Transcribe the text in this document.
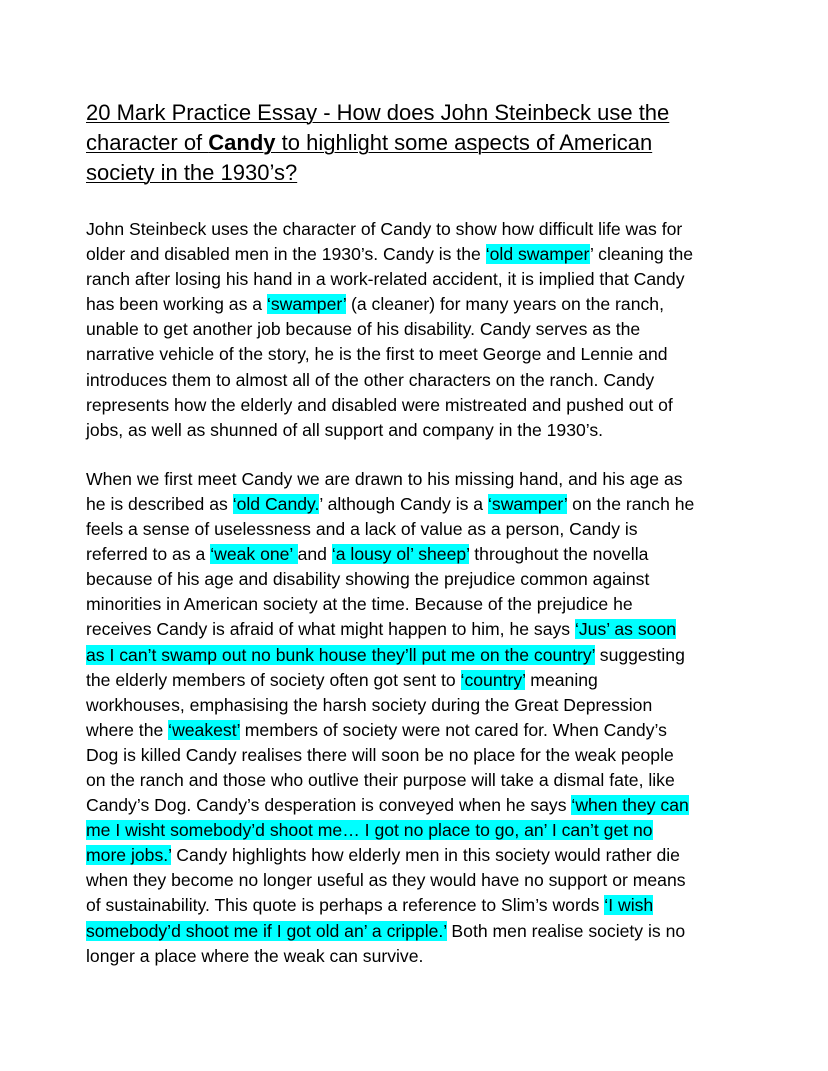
20 Mark Practice Essay - How does John Steinbeck use the
character of Candy to highlight some aspects of American
society in the 1930’s?

John Steinbeck uses the character of Candy to show how difficult life was for
older and disabled men in the 1930’s. Candy is the ‘old swamper’ cleaning the
ranch after losing his hand in a work-related accident, it is implied that Candy
has been working as a ‘swamper’ (a cleaner) for many years on the ranch,
unable to get another job because of his disability. Candy serves as the
narrative vehicle of the story, he is the first to meet George and Lennie and
introduces them to almost all of the other characters on the ranch. Candy
represents how the elderly and disabled were mistreated and pushed out of
jobs, as well as shunned of all support and company in the 1930’s.

When we first meet Candy we are drawn to his missing hand, and his age as
he is described as ‘old Candy.’ although Candy is a ‘swamper’ on the ranch he
feels a sense of uselessness and a lack of value as a person, Candy is
referred to as a ‘weak one’ and ‘a lousy ol’ sheep’ throughout the novella
because of his age and disability showing the prejudice common against
minorities in American society at the time. Because of the prejudice he
receives Candy is afraid of what might happen to him, he says ‘Jus’ as soon
as I can’t swamp out no bunk house they’ll put me on the country’ suggesting
the elderly members of society often got sent to ‘country’ meaning
workhouses, emphasising the harsh society during the Great Depression
where the ‘weakest’ members of society were not cared for. When Candy’s
Dog is killed Candy realises there will soon be no place for the weak people
on the ranch and those who outlive their purpose will take a dismal fate, like
Candy’s Dog. Candy’s desperation is conveyed when he says ‘when they can
me I wisht somebody’d shoot me… I got no place to go, an’ I can’t get no
more jobs.’ Candy highlights how elderly men in this society would rather die
when they become no longer useful as they would have no support or means
of sustainability. This quote is perhaps a reference to Slim’s words ‘I wish
somebody’d shoot me if I got old an’ a cripple.’ Both men realise society is no
longer a place where the weak can survive.
